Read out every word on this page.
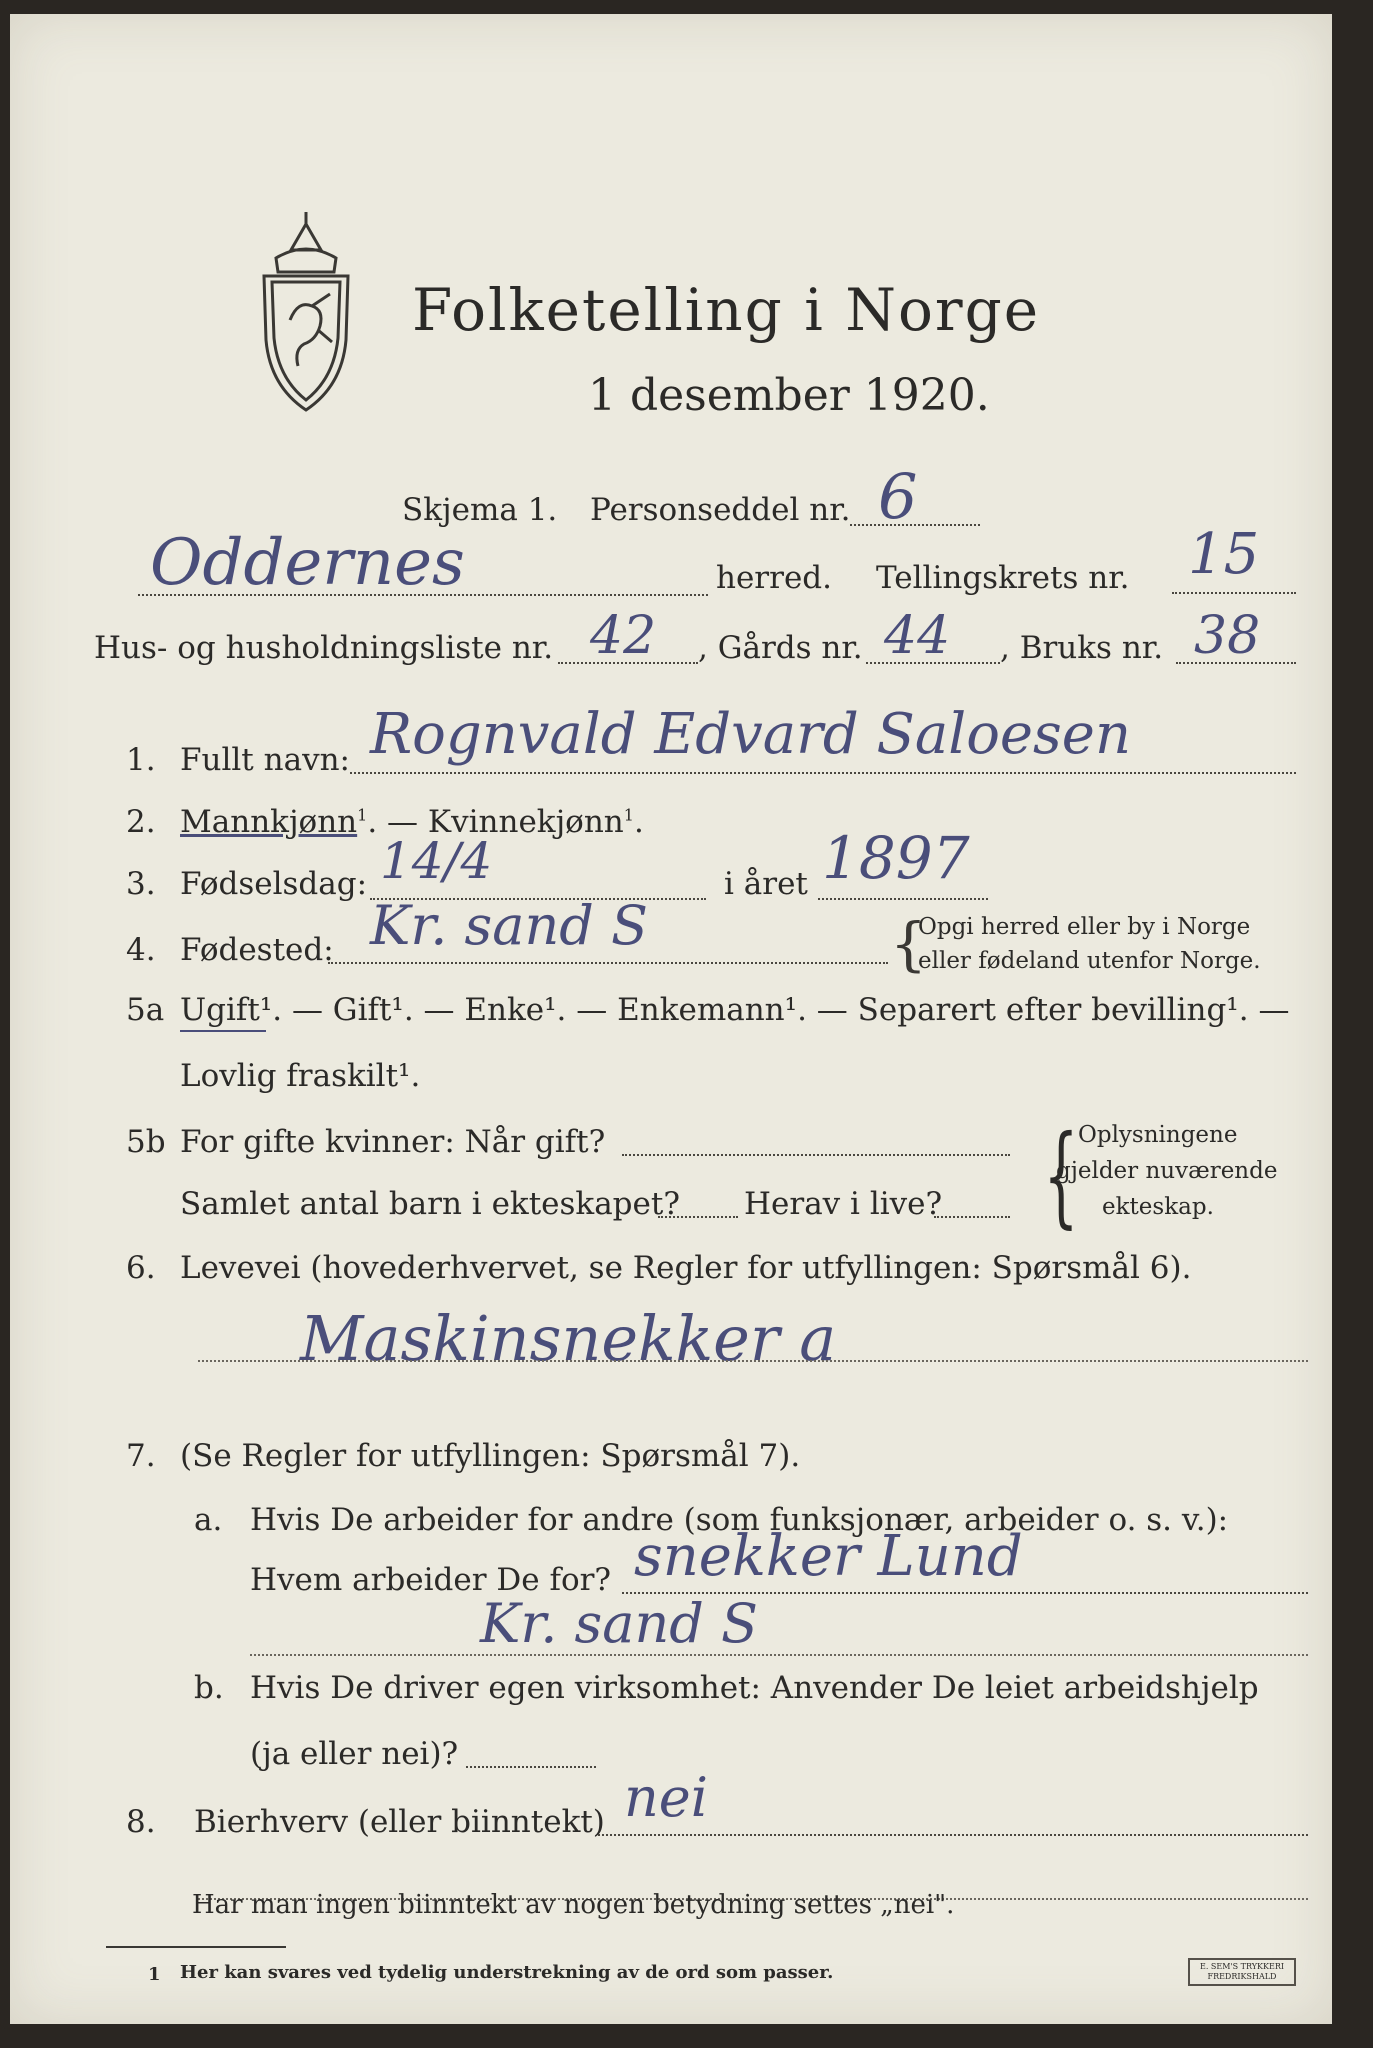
Folketelling i Norge
1 desember 1920.
Skjema 1. Personseddel nr. 6
Oddernes	herred. Tellingskrets nr. 15
Hus- og husholdningsliste nr. 42 , Gårds nr. 44 , Bruks nr. 38
1. Fullt navn: Rognvald Edvard Saloesen
2. Mannkjønn$^1$. — Kvinnekjønn$^1$.
3. Fødselsdag: 14/4	i året 1897
4. Fødested: Kr. sand S	{
Opgi herred eller by i Norge
eller fødeland utenfor Norge.
5a Ugift¹. — Gift¹. — Enke¹. — Enkemann¹. — Separert efter bevilling¹. —
Lovlig fraskilt¹.
5b For gifte kvinner: Når gift?
Samlet antal barn i ekteskapet? Herav i live? { Oplysningene
gjelder nuværende
ekteskap.
6. Levevei (hovederhvervet, se Regler for utfyllingen: Spørsmål 6).
Maskinsnekker a
7. (Se Regler for utfyllingen: Spørsmål 7).
a. Hvis De arbeider for andre (som funksjonær, arbeider o. s. v.):
Hvem arbeider De for? snekker Lund
Kr. sand S
b. Hvis De driver egen virksomhet: Anvender De leiet arbeidshjelp
(ja eller nei)?
8. Bierhverv (eller biinntekt) nei
Har man ingen biinntekt av nogen betydning settes „nei".
1 Her kan svares ved tydelig understrekning av de ord som passer.	E. SEM'S TRYKKERI FREDRIKSHALD
